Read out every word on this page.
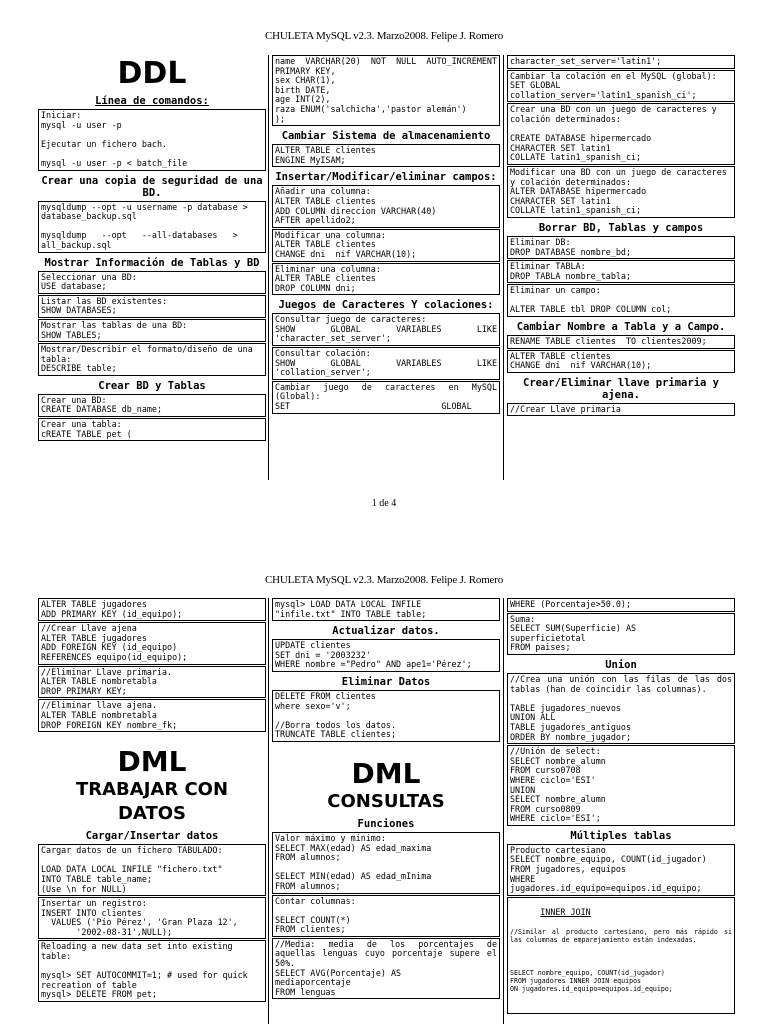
CHULETA MySQL v2.3. Marzo2008. Felipe J. Romero
DDL
Línea de comandos:
Iniciar:
mysql -u user -p

Ejecutar un fichero bach.

mysql -u user -p < batch_file
Crear una copia de seguridad de una BD.
mysqldump --opt -u username -p database > database_backup.sql

mysqldump   --opt   --all-databases   > all_backup.sql
Mostrar Información de Tablas y BD
Seleccionar una BD:
USE database;
Listar las BD existentes:
SHOW DATABASES;
Mostrar las tablas de una BD:
SHOW TABLES;
Mostrar/Describir el formato/diseño de una tabla:
DESCRIBE table;
Crear BD y Tablas
Crear una BD:
CREATE DATABASE db_name;
Crear una tabla:
cREATE TABLE pet (
name VARCHAR(20) NOT NULL AUTO_INCREMENT PRIMARY KEY,
sex CHAR(1),
birth DATE,
age INT(2),
raza ENUM('salchicha','pastor alemán')
);
Cambiar Sistema de almacenamiento
ALTER TABLE clientes
ENGINE MyISAM;
Insertar/Modificar/eliminar campos:
Añadir una columna:
ALTER TABLE clientes
ADD COLUMN direccion VARCHAR(40)
AFTER apellido2;
Modificar una columna:
ALTER TABLE clientes
CHANGE dni  nif VARCHAR(10);
Eliminar una columna:
ALTER TABLE clientes
DROP COLUMN dni;
Juegos de Caracteres Y colaciones:
Consultar juego de caracteres:
SHOW    GLOBAL    VARIABLES    LIKE 'character_set_server';
Consultar colación:
SHOW    GLOBAL    VARIABLES    LIKE 'collation_server';
Cambiar juego de caracteres en MySQL (Global):
SET                              GLOBAL
character_set_server='latin1';
Cambiar la colación en el MySQL (global):
SET GLOBAL
collation_server='latin1_spanish_ci';
Crear una BD con un juego de caracteres y colación determinados:

CREATE DATABASE hipermercado
CHARACTER SET latin1
COLLATE latin1_spanish_ci;
Modificar una BD con un juego de caracteres y colación determinados:
ALTER DATABASE hipermercado
CHARACTER SET latin1
COLLATE latin1_spanish_ci;
Borrar BD, Tablas y campos
Eliminar DB:
DROP DATABASE nombre_bd;
Eliminar TABLA:
DROP TABLA nombre_tabla;
Eliminar un campo:

ALTER TABLE tbl DROP COLUMN col;
Cambiar Nombre a Tabla y a Campo.
RENAME TABLE clientes  TO clientes2009;
ALTER TABLE clientes
CHANGE dni  nif VARCHAR(10);
Crear/Eliminar llave primaria y ajena.
//Crear Llave primaria
1 de 4
CHULETA MySQL v2.3. Marzo2008. Felipe J. Romero
ALTER TABLE jugadores
ADD PRIMARY KEY (id_equipo);
//Crear Llave ajena
ALTER TABLE jugadores
ADD FOREIGN KEY (id_equipo)
REFERENCES equipo(id_equipo);
//Eliminar Llave primaria.
ALTER TABLE nombretabla
DROP PRIMARY KEY;
//Eliminar llave ajena.
ALTER TABLE nombretabla
DROP FOREIGN KEY nombre_fk;
DML
TRABAJAR CON DATOS
Cargar/Insertar datos
Cargar datos de un fichero TABULADO:

LOAD DATA LOCAL INFILE "fichero.txt"
INTO TABLE table_name;
(Use \n for NULL)
Insertar un registro:
INSERT INTO clientes
VALUES ('Pío Pérez', 'Gran Plaza 12',
'2002-08-31',NULL);
Reloading a new data set into existing table:

mysql> SET AUTOCOMMIT=1; # used for quick recreation of table
mysql> DELETE FROM pet;
mysql> LOAD DATA LOCAL INFILE
"infile.txt" INTO TABLE table;
Actualizar datos.
UPDATE clientes
SET dni = '2003232'
WHERE nombre ="Pedro" AND ape1='Pérez';
Eliminar Datos
DELETE FROM clientes
where sexo='v';

//Borra todos los datos.
TRUNCATE TABLE clientes;
DML
CONSULTAS
Funciones
Valor máximo y mínimo:
SELECT MAX(edad) AS edad_maxima
FROM alumnos;

SELECT MIN(edad) AS edad_mInima
FROM alumnos;
Contar columnas:

SELECT COUNT(*)
FROM clientes;
//Media: media de los porcentajes de aquellas lenguas cuyo porcentaje supere el 50%.
SELECT AVG(Porcentaje) AS
mediaporcentaje
FROM lenguas
WHERE (Porcentaje>50.0);
Suma:
SELECT SUM(Superficie) AS
superficietotal
FROM paises;
Union
//Crea una unión con las filas de las dos tablas (han de coincidir las columnas).

TABLE jugadores_nuevos
UNION ALL
TABLE jugadores_antiguos
ORDER BY nombre_jugador;
//Unión de select:
SELECT nombre_alumn
FROM curso0708
WHERE ciclo='ESI'
UNION
SELECT nombre_alumn
FROM curso0809
WHERE ciclo='ESI';
Múltiples tablas
Producto cartesiano
SELECT nombre_equipo, COUNT(id_jugador)
FROM jugadores, equipos
WHERE
jugadores.id_equipo=equipos.id_equipo;

INNER JOIN

//Similar al producto cartesiano, pero más rápido si las columnas de emparejamiento están indexadas.

SELECT nombre_equipo, COUNT(id_jugador)
FROM jugadores INNER JOIN equipos
ON jugadores.id_equipo=equipos.id_equipo;
